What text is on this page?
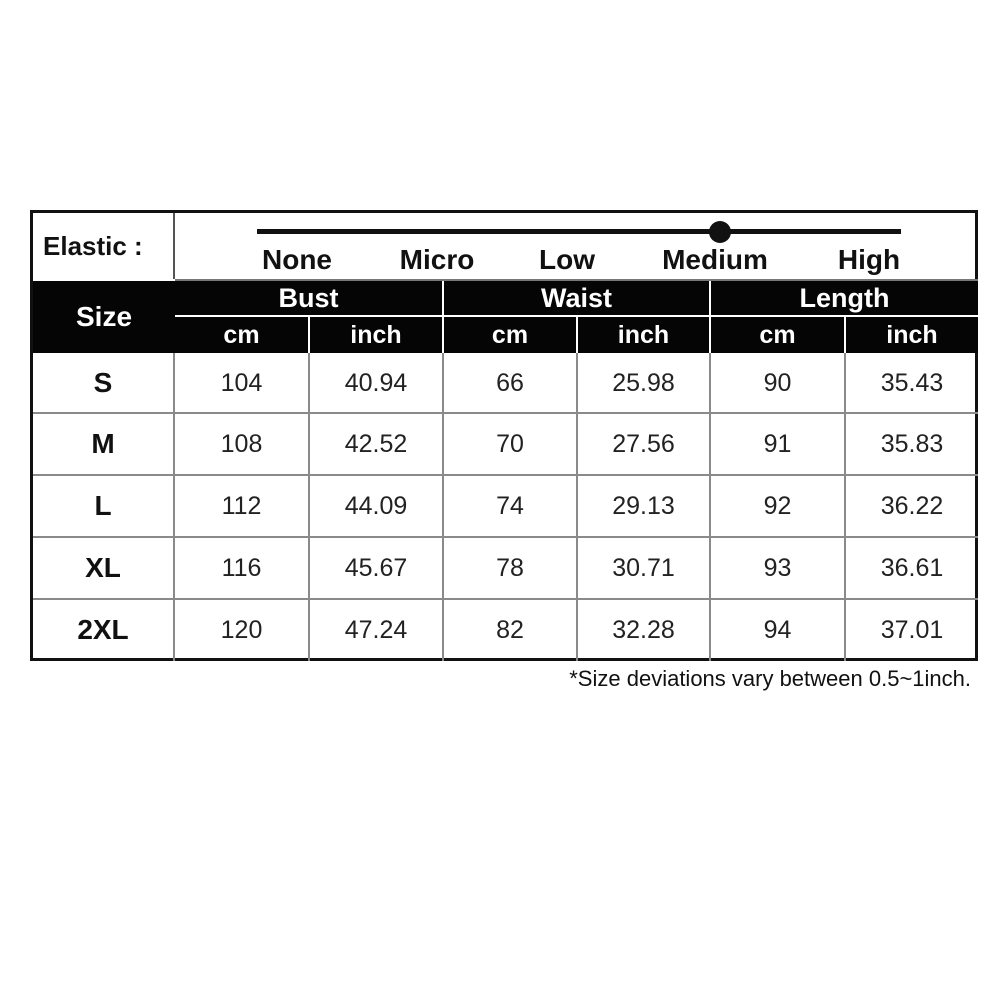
Elastic :	None Micro Low Medium	High
Size
Bust	Waist	Length
cm	inch	cm	inch	cm	inch
S	104	40.94	66	25.98	90	35.43
M	108	42.52	70	27.56	91	35.83
L	112	44.09	74	29.13	92	36.22
XL	116	45.67	78	30.71	93	36.61
2XL	120	47.24	82	32.28	94	37.01
*Size deviations vary between 0.5~1inch.
